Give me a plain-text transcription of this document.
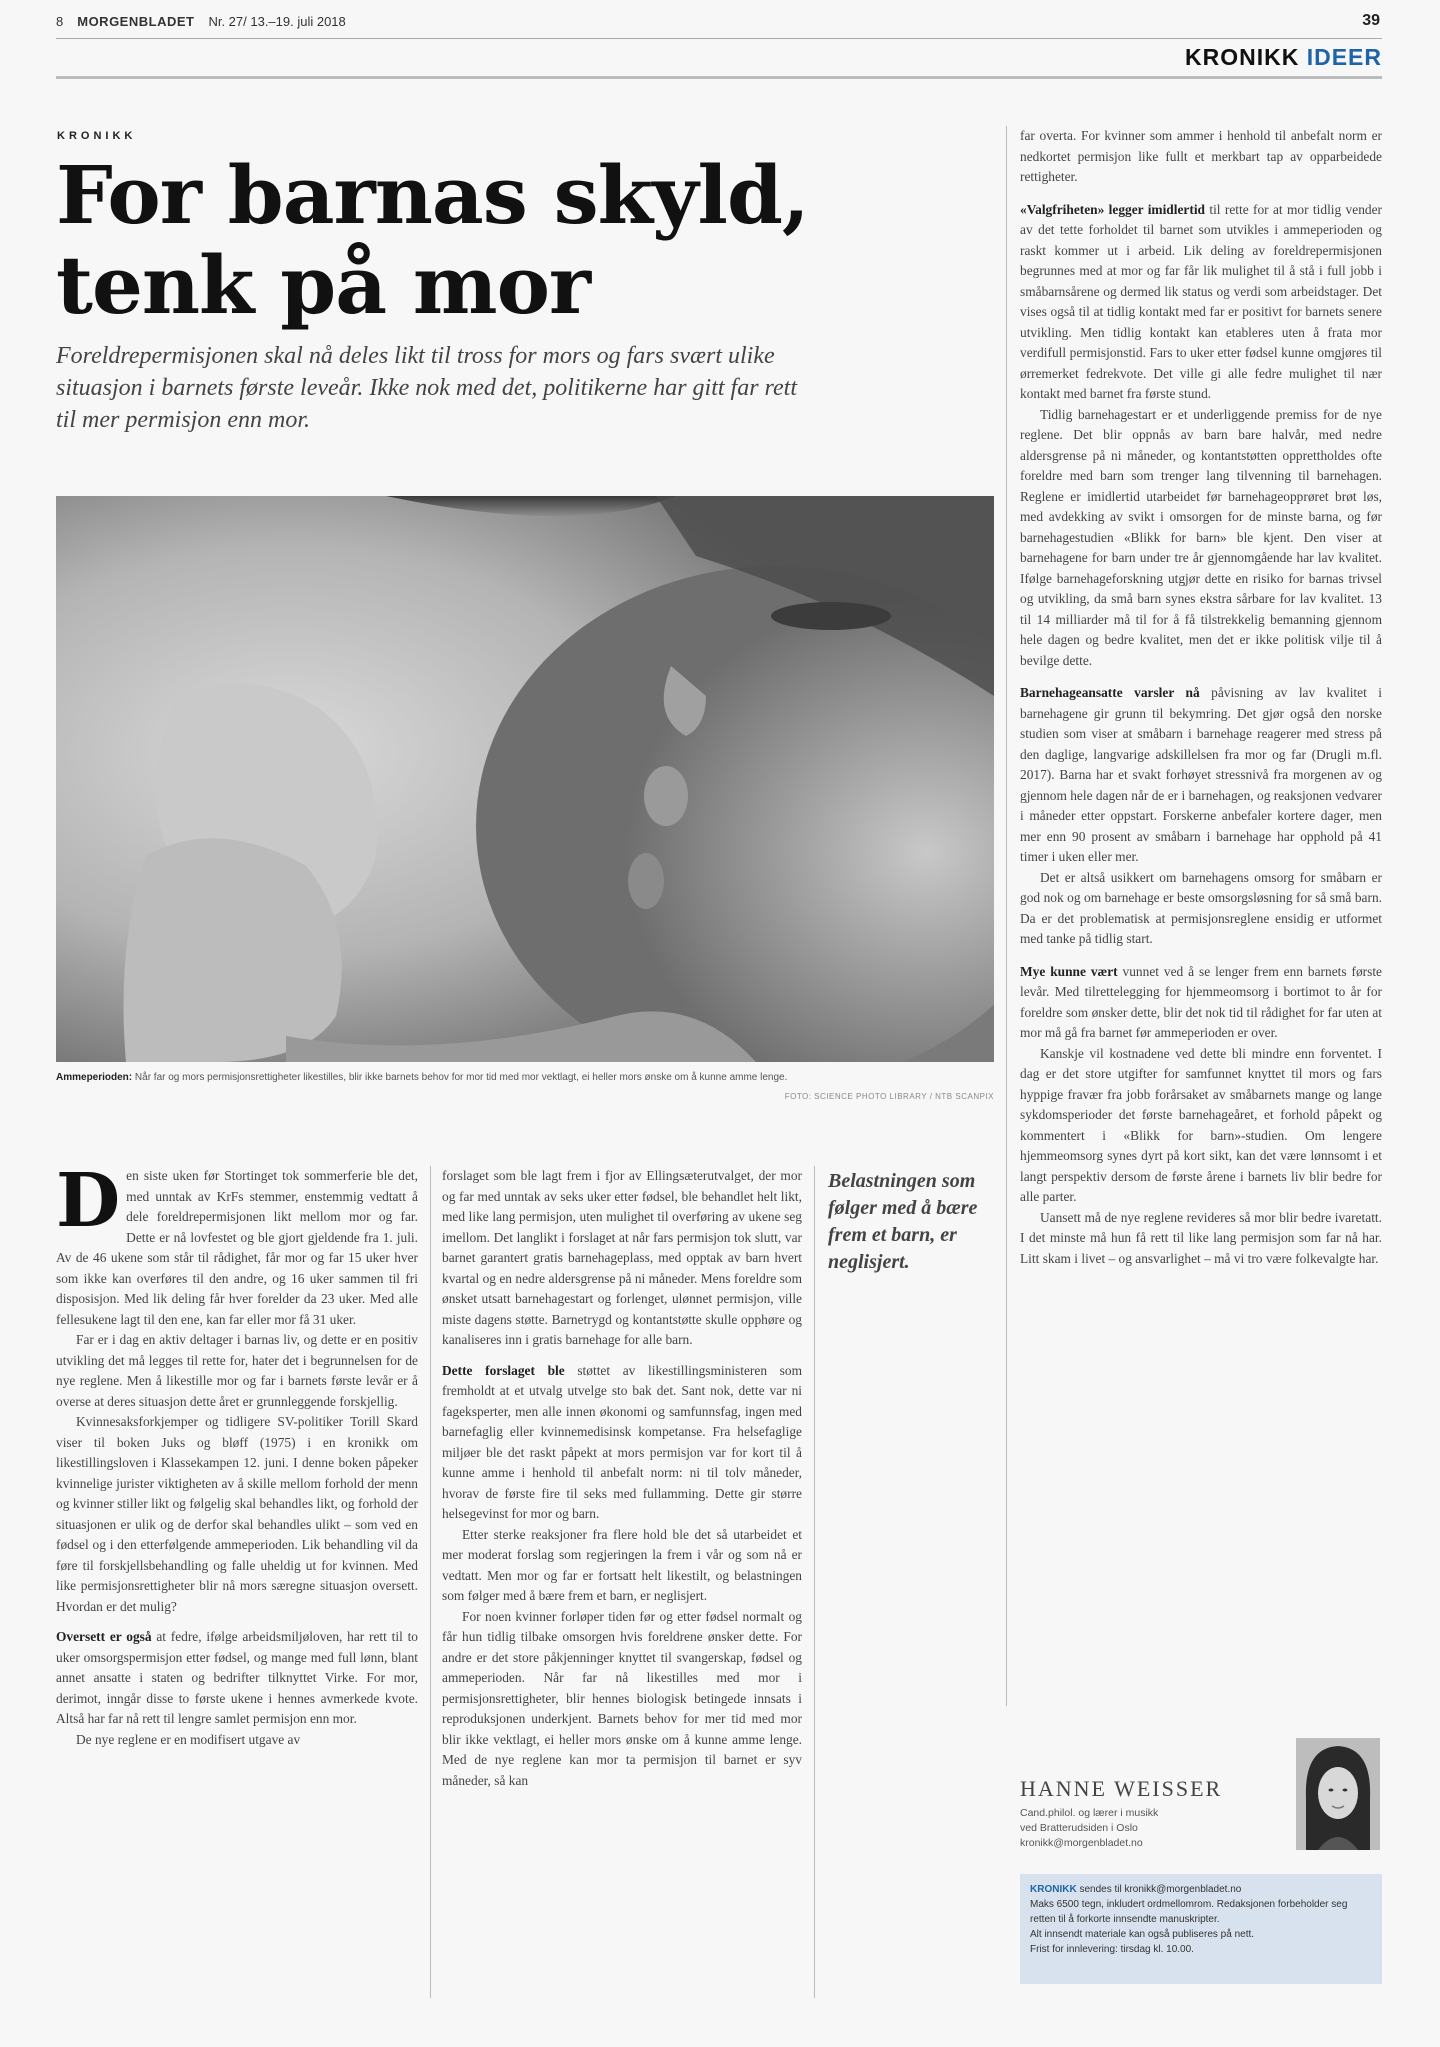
8 MORGENBLADET Nr. 27/ 13.–19. juli 2018	39
KRONIKK IDEER
KRONIKK
For barnas skyld, tenk på mor
Foreldrepermisjonen skal nå deles likt til tross for mors og fars svært ulike situasjon i barnets første leveår. Ikke nok med det, politikerne har gitt far rett til mer permisjon enn mor.
Ammeperioden: Når far og mors permisjonsrettigheter likestilles, blir ikke barnets behov for mor tid med mor vektlagt, ei heller mors ønske om å kunne amme lenge.
FOTO: SCIENCE PHOTO LIBRARY / NTB SCANPIX

Den siste uken før Stortinget tok sommerferie ble det, med unntak av KrFs stemmer, enstemmig vedtatt å dele foreldrepermisjonen likt mellom mor og far. Dette er nå lovfestet og ble gjort gjeldende fra 1. juli. Av de 46 ukene som står til rådighet, får mor og far 15 uker hver som ikke kan overføres til den andre, og 16 uker sammen til fri disposisjon. Med lik deling får hver forelder da 23 uker. Med alle fellesukene lagt til den ene, kan far eller mor få 31 uker.

Far er i dag en aktiv deltager i barnas liv, og dette er en positiv utvikling det må legges til rette for, hater det i begrunnelsen for de nye reglene. Men å likestille mor og far i barnets første levår er å overse at deres situasjon dette året er grunnleggende forskjellig.

Kvinnesaksforkjemper og tidligere SV-politiker Torill Skard viser til boken Juks og bløff (1975) i en kronikk om likestillingsloven i Klassekampen 12. juni. I denne boken påpeker kvinnelige jurister viktigheten av å skille mellom forhold der menn og kvinner stiller likt og følgelig skal behandles likt, og forhold der situasjonen er ulik og de derfor skal behandles ulikt – som ved en fødsel og i den etterfølgende ammeperioden. Lik behandling vil da føre til forskjellsbehandling og falle uheldig ut for kvinnen. Med like permisjonsrettigheter blir nå mors særegne situasjon oversett. Hvordan er det mulig?

Oversett er også at fedre, ifølge arbeidsmiljøloven, har rett til to uker omsorgspermisjon etter fødsel, og mange med full lønn, blant annet ansatte i staten og bedrifter tilknyttet Virke. For mor, derimot, inngår disse to første ukene i hennes avmerkede kvote. Altså har far nå rett til lengre samlet permisjon enn mor.

De nye reglene er en modifisert utgave av

forslaget som ble lagt frem i fjor av Ellingsæterutvalget, der mor og far med unntak av seks uker etter fødsel, ble behandlet helt likt, med like lang permisjon, uten mulighet til overføring av ukene seg imellom. Det langlikt i forslaget at når fars permisjon tok slutt, var barnet garantert gratis barnehageplass, med opptak av barn hvert kvartal og en nedre aldersgrense på ni måneder. Mens foreldre som ønsket utsatt barnehagestart og forlenget, ulønnet permisjon, ville miste dagens støtte. Barnetrygd og kontantstøtte skulle opphøre og kanaliseres inn i gratis barnehage for alle barn.

Dette forslaget ble støttet av likestillingsministeren som fremholdt at et utvalg utvelge sto bak det. Sant nok, dette var ni fageksperter, men alle innen økonomi og samfunnsfag, ingen med barnefaglig eller kvinnemedisinsk kompetanse. Fra helsefaglige miljøer ble det raskt påpekt at mors permisjon var for kort til å kunne amme i henhold til anbefalt norm: ni til tolv måneder, hvorav de første fire til seks med fullamming. Dette gir større helsegevinst for mor og barn.

Etter sterke reaksjoner fra flere hold ble det så utarbeidet et mer moderat forslag som regjeringen la frem i vår og som nå er vedtatt. Men mor og far er fortsatt helt likestilt, og belastningen som følger med å bære frem et barn, er neglisjert.

For noen kvinner forløper tiden før og etter fødsel normalt og får hun tidlig tilbake omsorgen hvis foreldrene ønsker dette. For andre er det store påkjenninger knyttet til svangerskap, fødsel og ammeperioden. Når far nå likestilles med mor i permisjonsrettigheter, blir hennes biologisk betingede innsats i reproduksjonen underkjent. Barnets behov for mer tid med mor blir ikke vektlagt, ei heller mors ønske om å kunne amme lenge. Med de nye reglene kan mor ta permisjon til barnet er syv måneder, så kan

Belastningen som følger med å bære frem et barn, er neglisjert.

far overta. For kvinner som ammer i henhold til anbefalt norm er nedkortet permisjon like fullt et merkbart tap av opparbeidede rettigheter.

«Valgfriheten» legger imidlertid til rette for at mor tidlig vender av det tette forholdet til barnet som utvikles i ammeperioden og raskt kommer ut i arbeid. Lik deling av foreldrepermisjonen begrunnes med at mor og far får lik mulighet til å stå i full jobb i småbarnsårene og dermed lik status og verdi som arbeidstager. Det vises også til at tidlig kontakt med far er positivt for barnets senere utvikling. Men tidlig kontakt kan etableres uten å frata mor verdifull permisjonstid. Fars to uker etter fødsel kunne omgjøres til ørremerket fedrekvote. Det ville gi alle fedre mulighet til nær kontakt med barnet fra første stund.

Tidlig barnehagestart er et underliggende premiss for de nye reglene. Det blir oppnås av barn bare halvår, med nedre aldersgrense på ni måneder, og kontantstøtten opprettholdes ofte foreldre med barn som trenger lang tilvenning til barnehagen. Reglene er imidlertid utarbeidet før barnehageopprøret brøt løs, med avdekking av svikt i omsorgen for de minste barna, og før barnehagestudien «Blikk for barn» ble kjent. Den viser at barnehagene for barn under tre år gjennomgående har lav kvalitet. Ifølge barnehageforskning utgjør dette en risiko for barnas trivsel og utvikling, da små barn synes ekstra sårbare for lav kvalitet. 13 til 14 milliarder må til for å få tilstrekkelig bemanning gjennom hele dagen og bedre kvalitet, men det er ikke politisk vilje til å bevilge dette.

Barnehageansatte varsler nå påvisning av lav kvalitet i barnehagene gir grunn til bekymring. Det gjør også den norske studien som viser at småbarn i barnehage reagerer med stress på den daglige, langvarige adskillelsen fra mor og far (Drugli m.fl. 2017). Barna har et svakt forhøyet stressnivå fra morgenen av og gjennom hele dagen når de er i barnehagen, og reaksjonen vedvarer i måneder etter oppstart. Forskerne anbefaler kortere dager, men mer enn 90 prosent av småbarn i barnehage har opphold på 41 timer i uken eller mer.

Det er altså usikkert om barnehagens omsorg for småbarn er god nok og om barnehage er beste omsorgsløsning for så små barn. Da er det problematisk at permisjonsreglene ensidig er utformet med tanke på tidlig start.

Mye kunne vært vunnet ved å se lenger frem enn barnets første levår. Med tilrettelegging for hjemmeomsorg i bortimot to år for foreldre som ønsker dette, blir det nok tid til rådighet for far uten at mor må gå fra barnet før ammeperioden er over.

Kanskje vil kostnadene ved dette bli mindre enn forventet. I dag er det store utgifter for samfunnet knyttet til mors og fars hyppige fravær fra jobb forårsaket av småbarnets mange og lange sykdomsperioder det første barnehageåret, et forhold påpekt og kommentert i «Blikk for barn»-studien. Om lengere hjemmeomsorg synes dyrt på kort sikt, kan det være lønnsomt i et langt perspektiv dersom de første årene i barnets liv blir bedre for alle parter.

Uansett må de nye reglene revideres så mor blir bedre ivaretatt. I det minste må hun få rett til like lang permisjon som far nå har. Litt skam i livet – og ansvarlighet – må vi tro være folkevalgte har.

HANNE WEISSER
Cand.philol. og lærer i musikk
ved Bratterudsiden i Oslo
kronikk@morgenbladet.no
KRONIKK sendes til kronikk@morgenbladet.no
Maks 6500 tegn, inkludert ordmellomrom. Redaksjonen forbeholder seg retten til å forkorte innsendte manuskripter.
Alt innsendt materiale kan også publiseres på nett.
Frist for innlevering: tirsdag kl. 10.00.
